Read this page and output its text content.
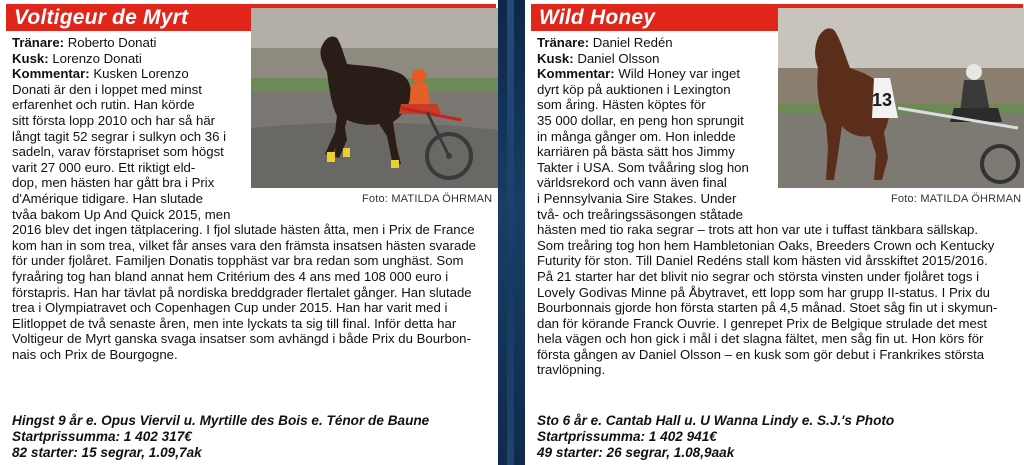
Voltigeur de Myrt
Foto: MATILDA ÖHRMAN
Tränare: Roberto Donati
Kusk: Lorenzo Donati
Kommentar: Kusken Lorenzo
Donati är den i loppet med minst
erfarenhet och rutin. Han körde
sitt första lopp 2010 och har så här
långt tagit 52 segrar i sulkyn och 36 i
sadeln, varav förstapriset som högst
varit 27 000 euro. Ett riktigt eld-
dop, men hästen har gått bra i Prix
d'Amérique tidigare. Han slutade
tvåa bakom Up And Quick 2015, men
2016 blev det ingen tätplacering. I fjol slutade hästen åtta, men i Prix de France
kom han in som trea, vilket får anses vara den främsta insatsen hästen svarade
för under fjolåret. Familjen Donatis topphäst var bra redan som unghäst. Som
fyraåring tog han bland annat hem Critérium des 4 ans med 108 000 euro i
förstapris. Han har tävlat på nordiska breddgrader flertalet gånger. Han slutade
trea i Olympiatravet och Copenhagen Cup under 2015. Han har varit med i
Elitloppet de två senaste åren, men inte lyckats ta sig till final. Inför detta har
Voltigeur de Myrt ganska svaga insatser som avhängd i både Prix du Bourbon-
nais och Prix de Bourgogne.
Hingst 9 år e. Opus Viervil u. Myrtille des Bois e. Ténor de Baune
Startprissumma: 1 402 317€
82 starter: 15 segrar, 1.09,7ak
Wild Honey
13
Foto: MATILDA ÖHRMAN
Tränare: Daniel Redén
Kusk: Daniel Olsson
Kommentar: Wild Honey var inget
dyrt köp på auktionen i Lexington
som åring. Hästen köptes för
35 000 dollar, en peng hon sprungit
in många gånger om. Hon inledde
karriären på bästa sätt hos Jimmy
Takter i USA. Som tvååring slog hon
världsrekord och vann även final
i Pennsylvania Sire Stakes. Under
två- och treåringssäsongen ståtade
hästen med tio raka segrar – trots att hon var ute i tuffast tänkbara sällskap.
Som treåring tog hon hem Hambletonian Oaks, Breeders Crown och Kentucky
Futurity för ston. Till Daniel Redéns stall kom hästen vid årsskiftet 2015/2016.
På 21 starter har det blivit nio segrar och största vinsten under fjolåret togs i
Lovely Godivas Minne på Åbytravet, ett lopp som har grupp II-status. I Prix du
Bourbonnais gjorde hon första starten på 4,5 månad. Stoet såg fin ut i skymun-
dan för körande Franck Ouvrie. I genrepet Prix de Belgique strulade det mest
hela vägen och hon gick i mål i det slagna fältet, men såg fin ut. Hon körs för
första gången av Daniel Olsson – en kusk som gör debut i Frankrikes största
travlöpning.
Sto 6 år e. Cantab Hall u. U Wanna Lindy e. S.J.'s Photo
Startprissumma: 1 402 941€
49 starter: 26 segrar, 1.08,9aak
